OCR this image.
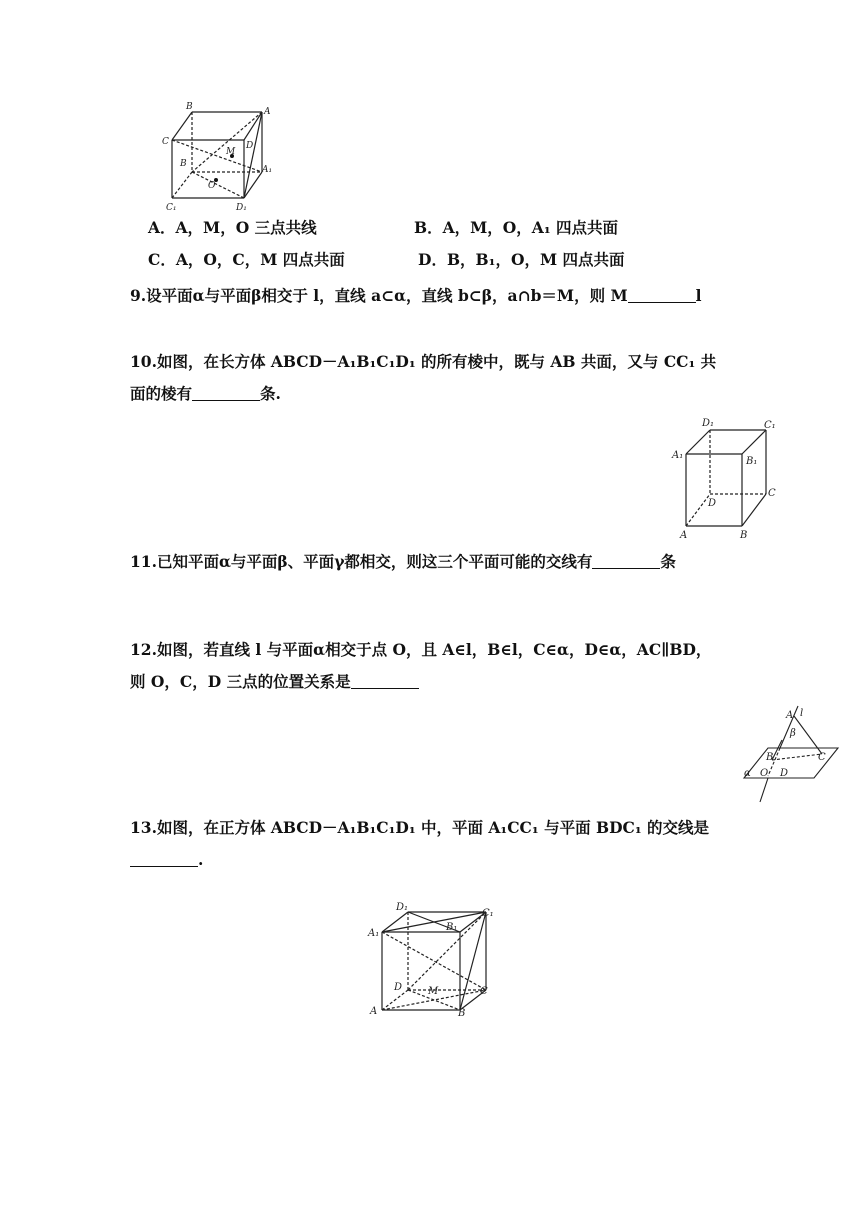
B	A
C
B
M
D
A₁
O
C₁	D₁
A．A，M，O 三点共线	B．A，M，O，A₁ 四点共面
C．A，O，C，M 四点共面	D．B，B₁，O，M 四点共面
9.设平面α与平面β相交于 l，直线 a⊂α，直线 b⊂β，a∩b＝M，则 M	l
10.如图，在长方体 ABCD－A₁B₁C₁D₁ 的所有棱中，既与 AB 共面，又与 CC₁ 共
面的棱有	条.
D₁	C₁
A₁
B₁
C
D
A	B
11.已知平面α与平面β、平面γ都相交，则这三个平面可能的交线有	条
12.如图，若直线 l 与平面α相交于点 O，且 A∈l，B∈l，C∈α，D∈α，AC∥BD，
则 O，C，D 三点的位置关系是
A l
β
B	C
α O D
13.如图，在正方体 ABCD－A₁B₁C₁D₁ 中，平面 A₁CC₁ 与平面 BDC₁ 的交线是
.
D₁
C₁
A₁
B₁
D	M	C
A	B
